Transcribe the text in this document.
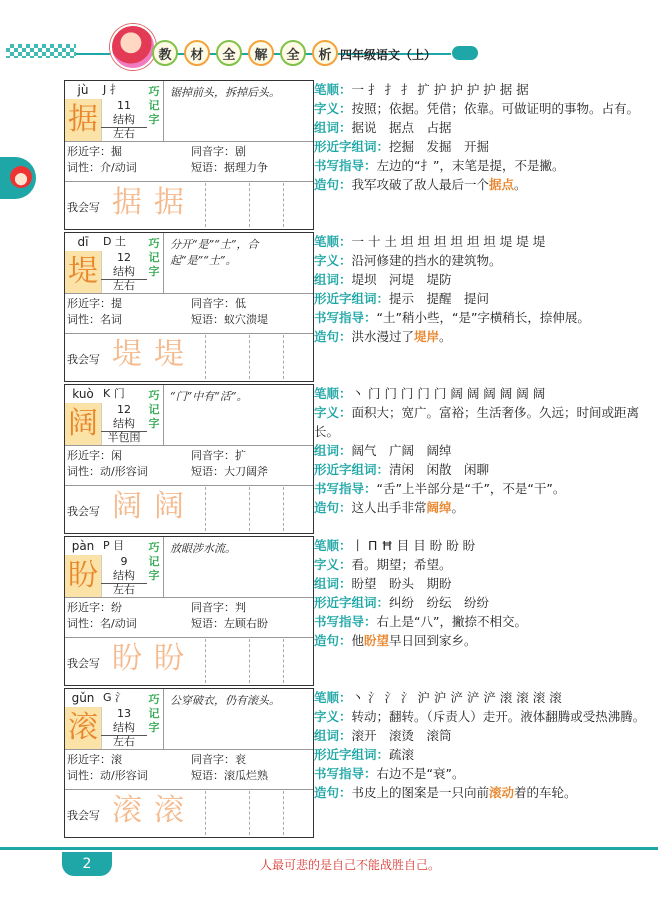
教	材	全	解	全	析 四年级语文（上）
jù
据
J 扌
11
结构
左右
巧记字
锯掉前头，拆掉后头。
形近字：掘	同音字：剧
词性：介/动词	短语：据理力争
我会写 据 据

笔顺：一 扌 扌 扌 扩 护 护 护 护 据 据

字义：按照；依据。凭借；依靠。可做证明的事物。占有。

组词：据说　据点　占据

形近字组词：挖掘　发掘　开掘

书写指导：左边的“扌”，末笔是提，不是撇。

造句：我军攻破了敌人最后一个据点。

dī
堤
D 土
12
结构
左右
巧记字
分开“是”“土”，合起“是”“土”。
形近字：提	同音字：低
词性：名词	短语：蚁穴溃堤
我会写 堤 堤

笔顺：一 十 土 坦 坦 坦 坦 坦 坦 堤 堤 堤

字义：沿河修建的挡水的建筑物。

组词：堤坝　河堤　堤防

形近字组词：提示　提醒　提问

书写指导：“土”稍小些，“是”字横稍长，捺伸展。

造句：洪水漫过了堤岸。

kuò
阔
K 门
12
结构
半包围
巧记字
“门”中有“活”。
形近字：闲	同音字：扩
词性：动/形容词	短语：大刀阔斧
我会写 阔 阔

笔顺：丶 门 门 门 门 门 阔 阔 阔 阔 阔 阔

字义：面积大；宽广。富裕；生活奢侈。久远；时间或距离长。

组词：阔气　广阔　阔绰

形近字组词：清闲　闲散　闲聊

书写指导：“舌”上半部分是“千”，不是“干”。

造句：这人出手非常阔绰。

pàn
盼
P 目
9
结构
左右
巧记字
放眼涉水流。
形近字：纷	同音字：判
词性：名/动词	短语：左顾右盼
我会写 盼 盼

笔顺：丨 Π Ħ 目 目 盼 盼 盼

字义：看。期望；希望。

组词：盼望　盼头　期盼

形近字组词：纠纷　纷纭　纷纷

书写指导：右上是“八”，撇捺不相交。

造句：他盼望早日回到家乡。

gǔn
滚
G 氵
13
结构
左右
巧记字
公穿破衣，仍有滚头。
形近字：滚	同音字：衮
词性：动/形容词	短语：滚瓜烂熟
我会写 滚 滚

笔顺：丶 氵 氵 氵 沪 沪 浐 浐 浐 滚 滚 滚 滚

字义：转动；翻转。（斥责人）走开。液体翻腾或受热沸腾。

组词：滚开　滚烫　滚筒

形近字组词：疏滚

书写指导：右边不是“衰”。

造句：书皮上的图案是一只向前滚动着的车轮。

2	人最可悲的是自己不能战胜自己。
